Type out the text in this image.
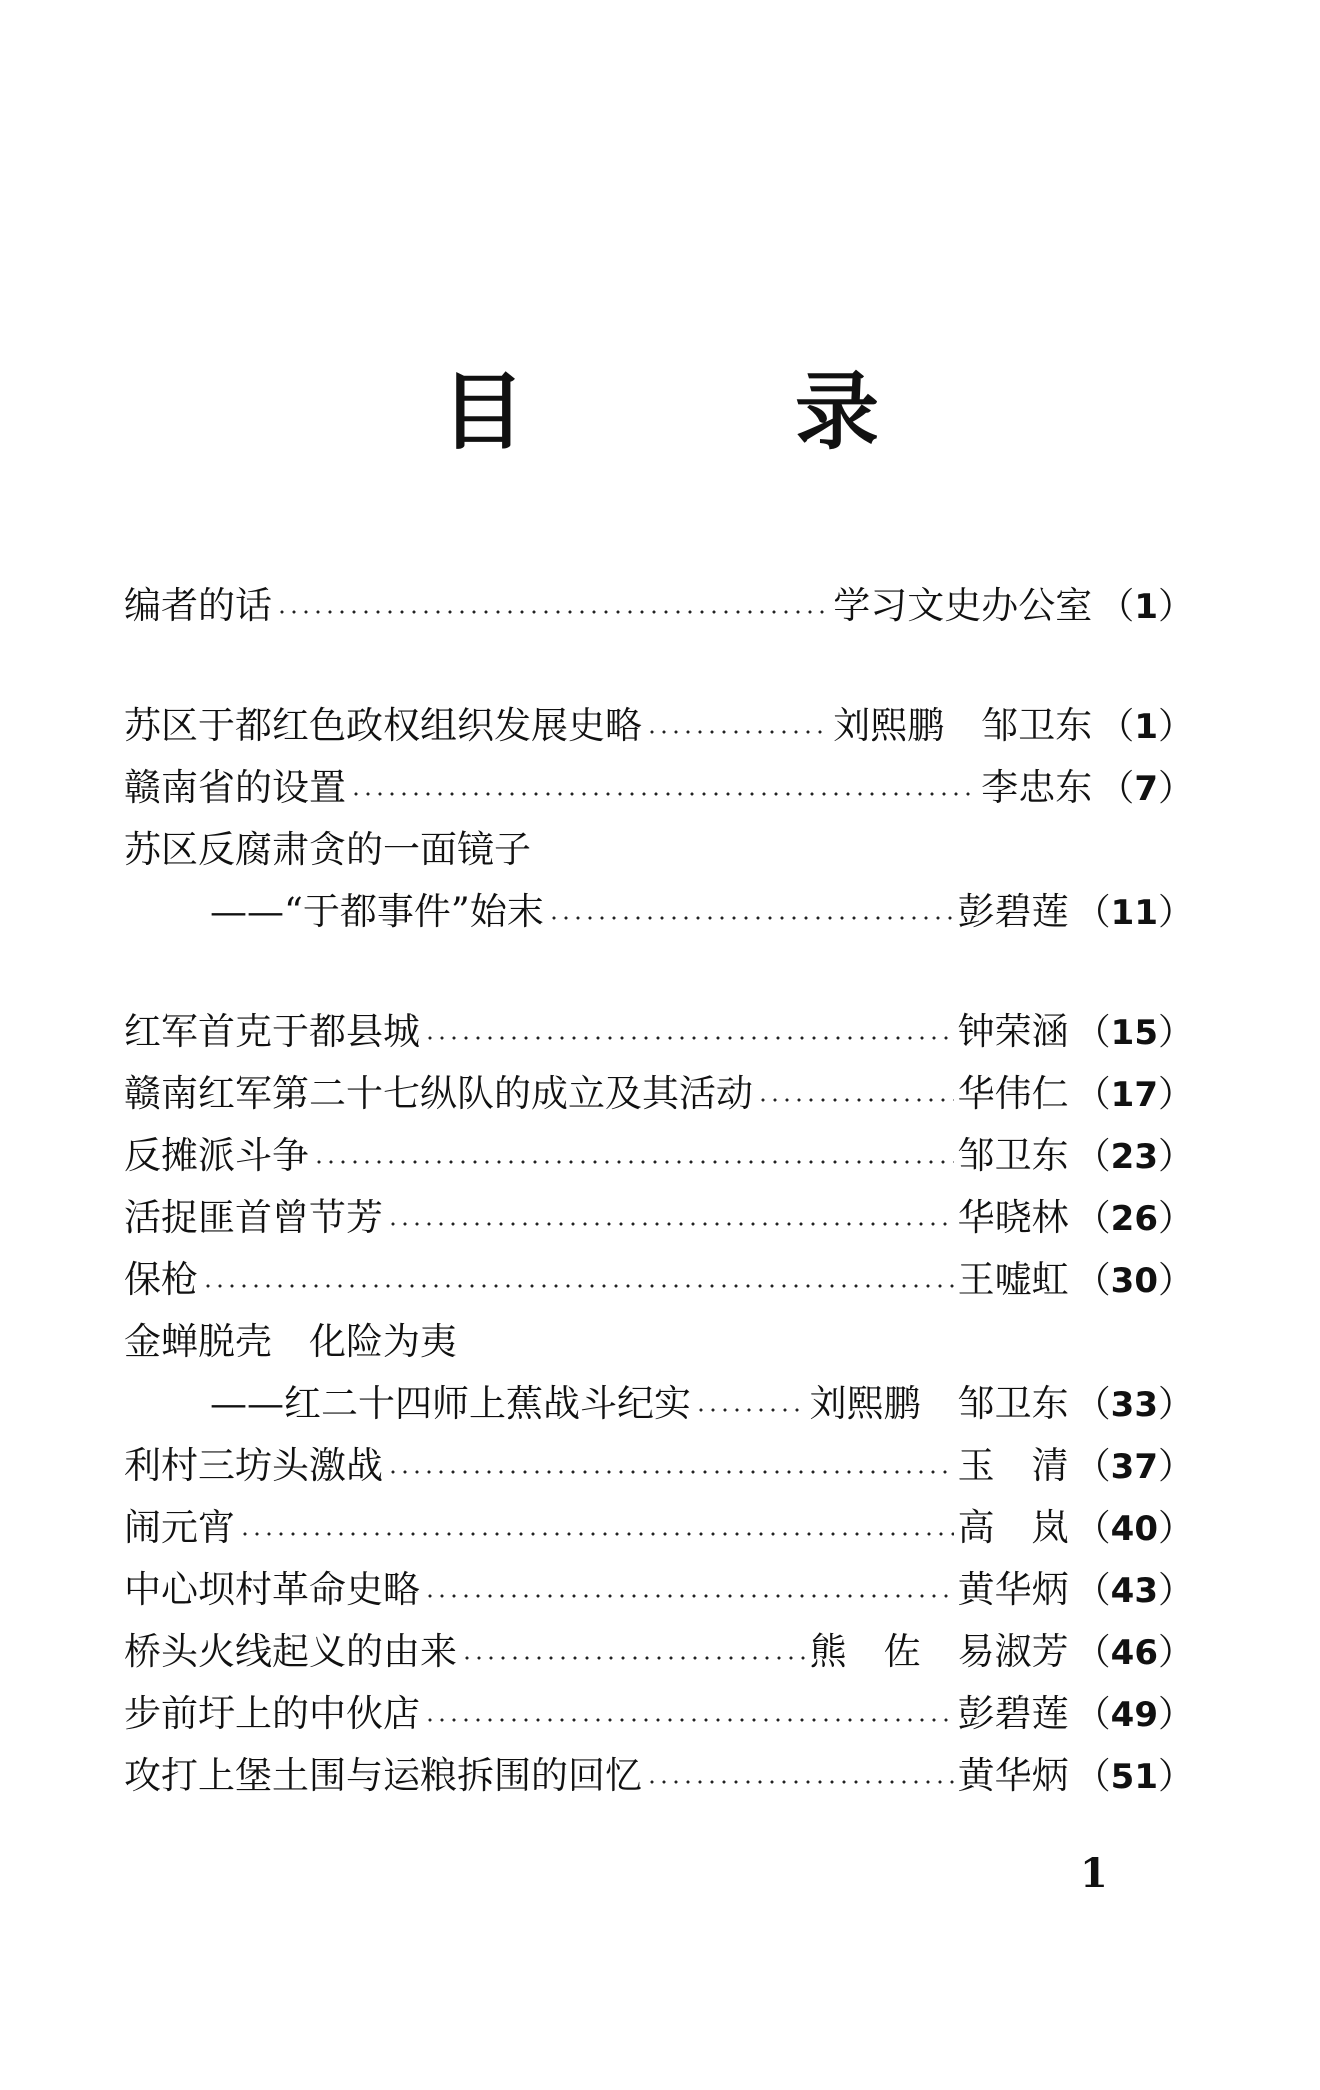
目	录
编者的话	学习文史办公室 （1）
苏区于都红色政权组织发展史略	刘熙鹏　邹卫东 （1）
赣南省的设置	李忠东 （7）
苏区反腐肃贪的一面镜子
——“于都事件”始末	彭碧莲 （11）
红军首克于都县城	钟荣涵 （15）
赣南红军第二十七纵队的成立及其活动	华伟仁 （17）
反摊派斗争	邹卫东 （23）
活捉匪首曾节芳	华晓林 （26）
保枪	王嘘虹 （30）
金蝉脱壳　化险为夷
——红二十四师上蕉战斗纪实	刘熙鹏　邹卫东 （33）
利村三坊头激战	玉　清 （37）
闹元宵	高　岚 （40）
中心坝村革命史略	黄华炳 （43）
桥头火线起义的由来	熊　佐　易淑芳 （46）
步前圩上的中伙店	彭碧莲 （49）
攻打上堡土围与运粮拆围的回忆	黄华炳 （51）
1
